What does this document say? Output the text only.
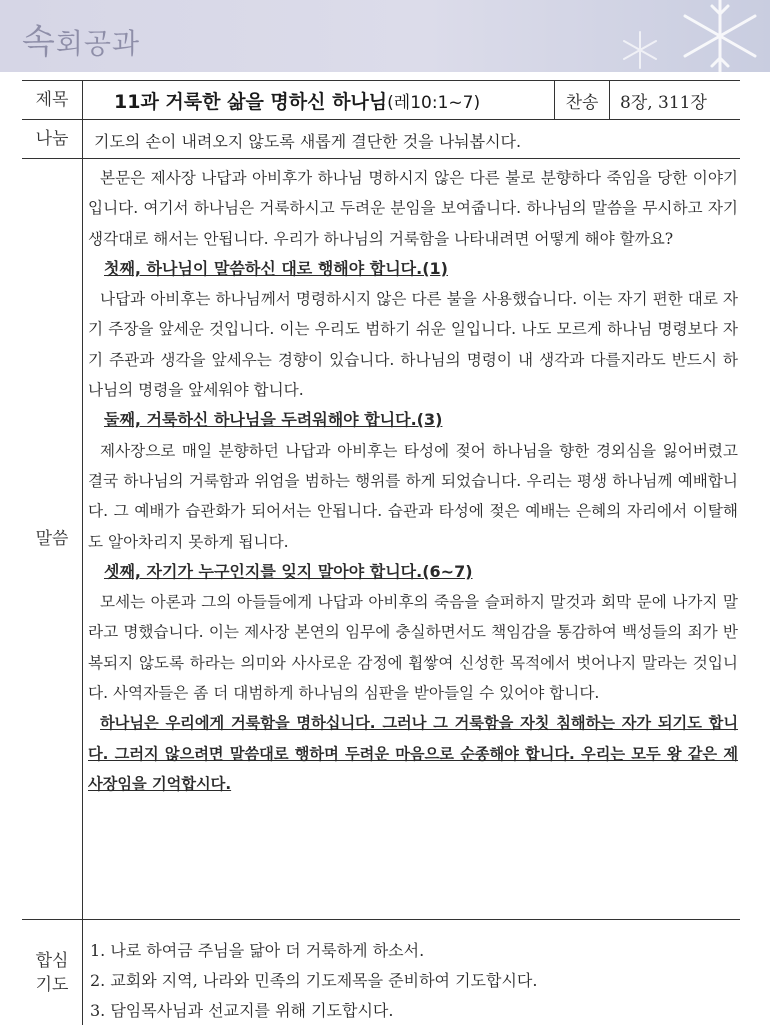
속회공과
제목	11과 거룩한 삶을 명하신 하나님(레10:1~7)	찬송	8장, 311장
나눔	기도의 손이 내려오지 않도록 새롭게 결단한 것을 나눠봅시다.
말씀

본문은 제사장 나답과 아비후가 하나님 명하시지 않은 다른 불로 분향하다 죽임을 당한 이야기입니다. 여기서 하나님은 거룩하시고 두려운 분임을 보여줍니다. 하나님의 말씀을 무시하고 자기 생각대로 해서는 안됩니다. 우리가 하나님의 거룩함을 나타내려면 어떻게 해야 할까요?

첫째, 하나님이 말씀하신 대로 행해야 합니다.(1)

나답과 아비후는 하나님께서 명령하시지 않은 다른 불을 사용했습니다. 이는 자기 편한 대로 자기 주장을 앞세운 것입니다. 이는 우리도 범하기 쉬운 일입니다. 나도 모르게 하나님 명령보다 자기 주관과 생각을 앞세우는 경향이 있습니다. 하나님의 명령이 내 생각과 다를지라도 반드시 하나님의 명령을 앞세워야 합니다.

둘째, 거룩하신 하나님을 두려워해야 합니다.(3)

제사장으로 매일 분향하던 나답과 아비후는 타성에 젖어 하나님을 향한 경외심을 잃어버렸고 결국 하나님의 거룩함과 위엄을 범하는 행위를 하게 되었습니다. 우리는 평생 하나님께 예배합니다. 그 예배가 습관화가 되어서는 안됩니다. 습관과 타성에 젖은 예배는 은혜의 자리에서 이탈해도 알아차리지 못하게 됩니다.

셋째, 자기가 누구인지를 잊지 말아야 합니다.(6~7)

모세는 아론과 그의 아들들에게 나답과 아비후의 죽음을 슬퍼하지 말것과 회막 문에 나가지 말라고 명했습니다. 이는 제사장 본연의 임무에 충실하면서도 책임감을 통감하여 백성들의 죄가 반복되지 않도록 하라는 의미와 사사로운 감정에 휩쌓여 신성한 목적에서 벗어나지 말라는 것입니다. 사역자들은 좀 더 대범하게 하나님의 심판을 받아들일 수 있어야 합니다.

하나님은 우리에게 거룩함을 명하십니다. 그러나 그 거룩함을 자칫 침해하는 자가 되기도 합니다. 그러지 않으려면 말씀대로 행하며 두려운 마음으로 순종해야 합니다. 우리는 모두 왕 같은 제사장임을 기억합시다.

합심
기도
1. 나로 하여금 주님을 닮아 더 거룩하게 하소서.
2. 교회와 지역, 나라와 민족의 기도제목을 준비하여 기도합시다.
3. 담임목사님과 선교지를 위해 기도합시다.
